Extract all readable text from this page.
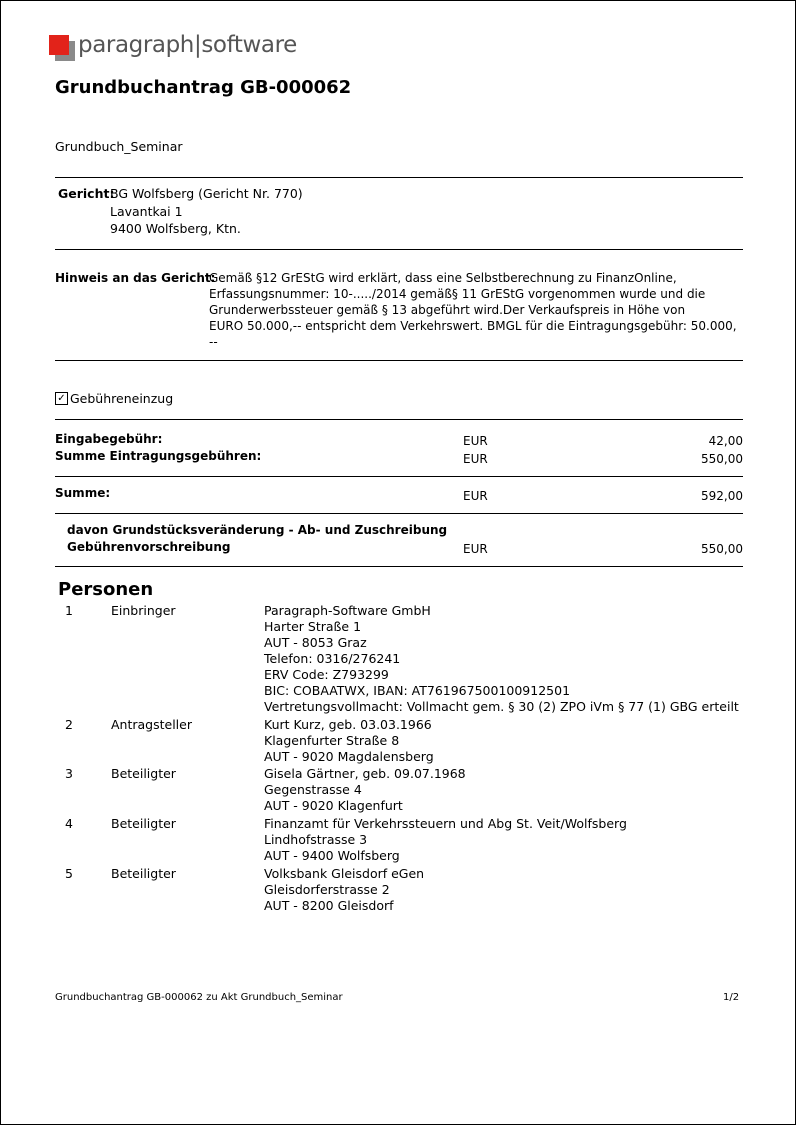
paragraph|software
Grundbuchantrag GB-000062
Grundbuch_Seminar
Gericht:
BG Wolfsberg (Gericht Nr. 770)
Lavantkai 1
9400 Wolfsberg, Ktn.
Hinweis an das Gericht:
Gemäß §12 GrEStG wird erklärt, dass eine Selbstberechnung zu FinanzOnline,
Erfassungsnummer: 10-...../2014 gemäß§ 11 GrEStG vorgenommen wurde und die
Grunderwerbssteuer gemäß § 13 abgeführt wird.Der Verkaufspreis in Höhe von
EURO 50.000,-- entspricht dem Verkehrswert. BMGL für die Eintragungsgebühr: 50.000,
--
✓ Gebühreneinzug
Eingabegebühr:	EUR	42,00
Summe Eintragungsgebühren:	EUR	550,00
Summe:	EUR	592,00
davon Grundstücksveränderung - Ab- und Zuschreibung
Gebührenvorschreibung	EUR	550,00
Personen
1	Einbringer	Paragraph-Software GmbH
Harter Straße 1
AUT - 8053 Graz
Telefon: 0316/276241
ERV Code: Z793299
BIC: COBAATWX, IBAN: AT761967500100912501
Vertretungsvollmacht: Vollmacht gem. § 30 (2) ZPO iVm § 77 (1) GBG erteilt
2	Antragsteller	Kurt Kurz, geb. 03.03.1966
Klagenfurter Straße 8
AUT - 9020 Magdalensberg
3	Beteiligter	Gisela Gärtner, geb. 09.07.1968
Gegenstrasse 4
AUT - 9020 Klagenfurt
4	Beteiligter	Finanzamt für Verkehrssteuern und Abg St. Veit/Wolfsberg
Lindhofstrasse 3
AUT - 9400 Wolfsberg
5	Beteiligter	Volksbank Gleisdorf eGen
Gleisdorferstrasse 2
AUT - 8200 Gleisdorf
Grundbuchantrag GB-000062 zu Akt Grundbuch_Seminar	1/2
